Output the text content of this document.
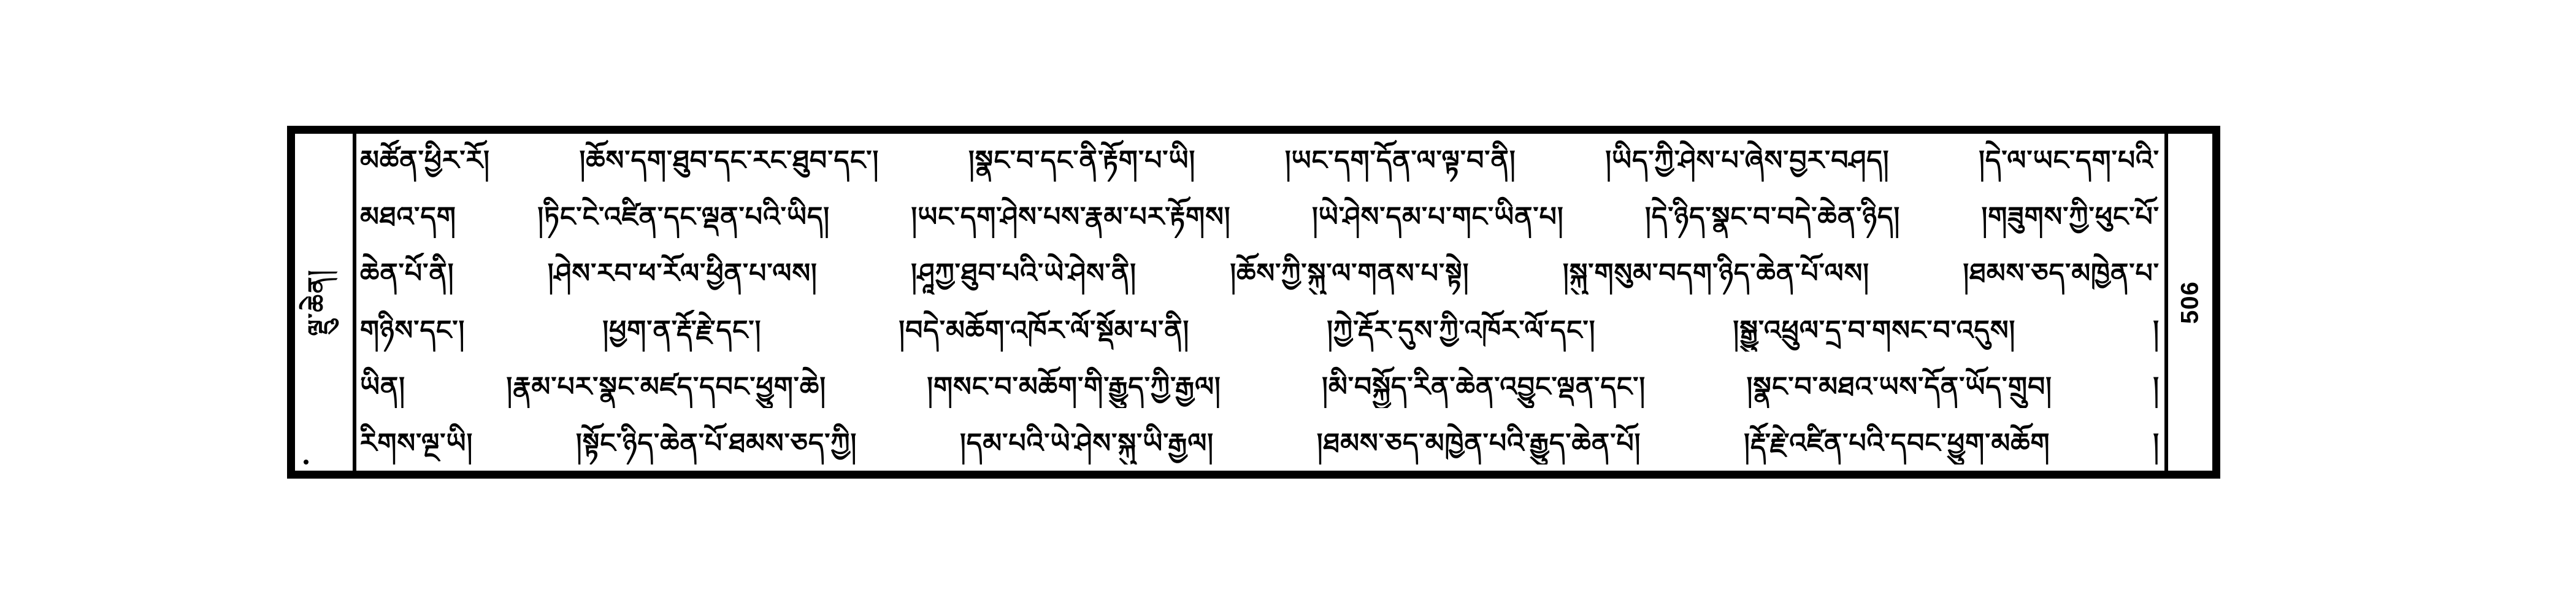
ལྡུ་ཆེན།
མཚོན་ཕྱིར་རོ། །ཆོས་དག་ཐུབ་དང་རང་ཐུབ་དང་། །སྣང་བ་དང་ནི་རྟོག་པ་ཡི། །ཡང་དག་དོན་ལ་ལྟ་བ་ནི། །ཡིད་ཀྱི་ཤེས་པ་ཞེས་བྱར་བཤད། །དེ་ལ་ཡང་དག་པའི་
མཐའ་དག །ཏིང་ངེ་འཛིན་དང་ལྡན་པའི་ཡིད། །ཡང་དག་ཤེས་པས་རྣམ་པར་རྟོགས། །ཡེ་ཤེས་དམ་པ་གང་ཡིན་པ། །དེ་ཉིད་སྣང་བ་བདེ་ཆེན་ཉིད། །གཟུགས་ཀྱི་ཕུང་པོ་
ཆེན་པོ་ནི། །ཤེས་རབ་ཕ་རོལ་ཕྱིན་པ་ལས། །ཤཱཀྱ་ཐུབ་པའི་ཡེ་ཤེས་ནི། །ཆོས་ཀྱི་སྐུ་ལ་གནས་པ་སྟེ། །སྐུ་གསུམ་བདག་ཉིད་ཆེན་པོ་ལས། །ཐམས་ཅད་མཁྱེན་པ་
གཉིས་དང་། །ཕྱག་ན་རྡོ་རྗེ་དང་། །བདེ་མཆོག་འཁོར་ལོ་སྡོམ་པ་ནི། །ཀྱེ་རྡོར་དུས་ཀྱི་འཁོར་ལོ་དང་། །སྒྱུ་འཕྲུལ་དྲ་བ་གསང་བ་འདུས། །
ཡིན། །རྣམ་པར་སྣང་མཛད་དབང་ཕྱུག་ཆེ། །གསང་བ་མཆོག་གི་རྒྱུད་ཀྱི་རྒྱལ། །མི་བསྐྱོད་རིན་ཆེན་འབྱུང་ལྡན་དང་། །སྣང་བ་མཐའ་ཡས་དོན་ཡོད་གྲུབ། །
རིགས་ལྔ་ཡི། །སྟོང་ཉིད་ཆེན་པོ་ཐམས་ཅད་ཀྱི། །དམ་པའི་ཡེ་ཤེས་སྐུ་ཡི་རྒྱལ། །ཐམས་ཅད་མཁྱེན་པའི་རྒྱུད་ཆེན་པོ། །རྡོ་རྗེ་འཛིན་པའི་དབང་ཕྱུག་མཆོག །
506
